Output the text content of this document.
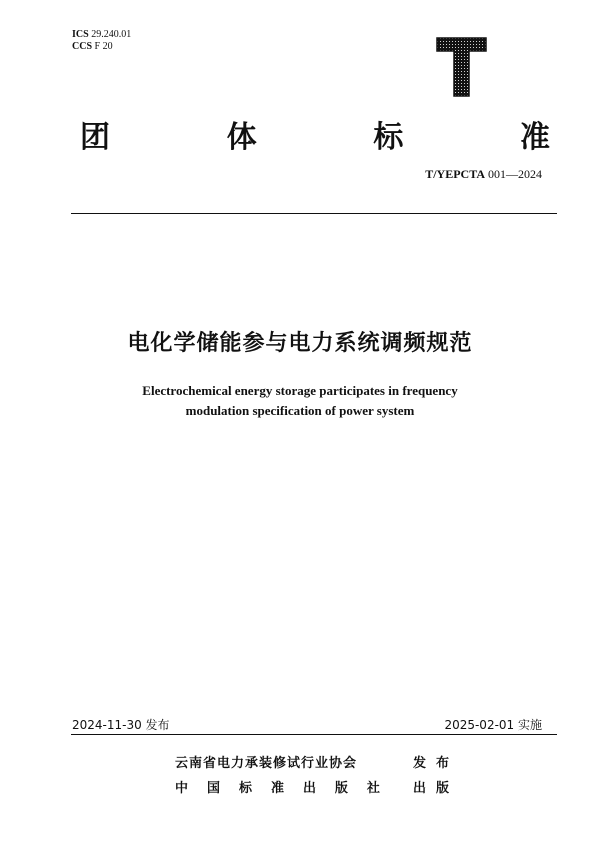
ICS 29.240.01
CCS F 20
团	体	标	准
T/YEPCTA 001—2024
电化学储能参与电力系统调频规范
Electrochemical energy storage participates in frequency
modulation specification of power system
2024-11-30 发布	2025-02-01 实施
云南省电力承装修试行业协会	发布
中 国 标 准 出 版 社	出版
